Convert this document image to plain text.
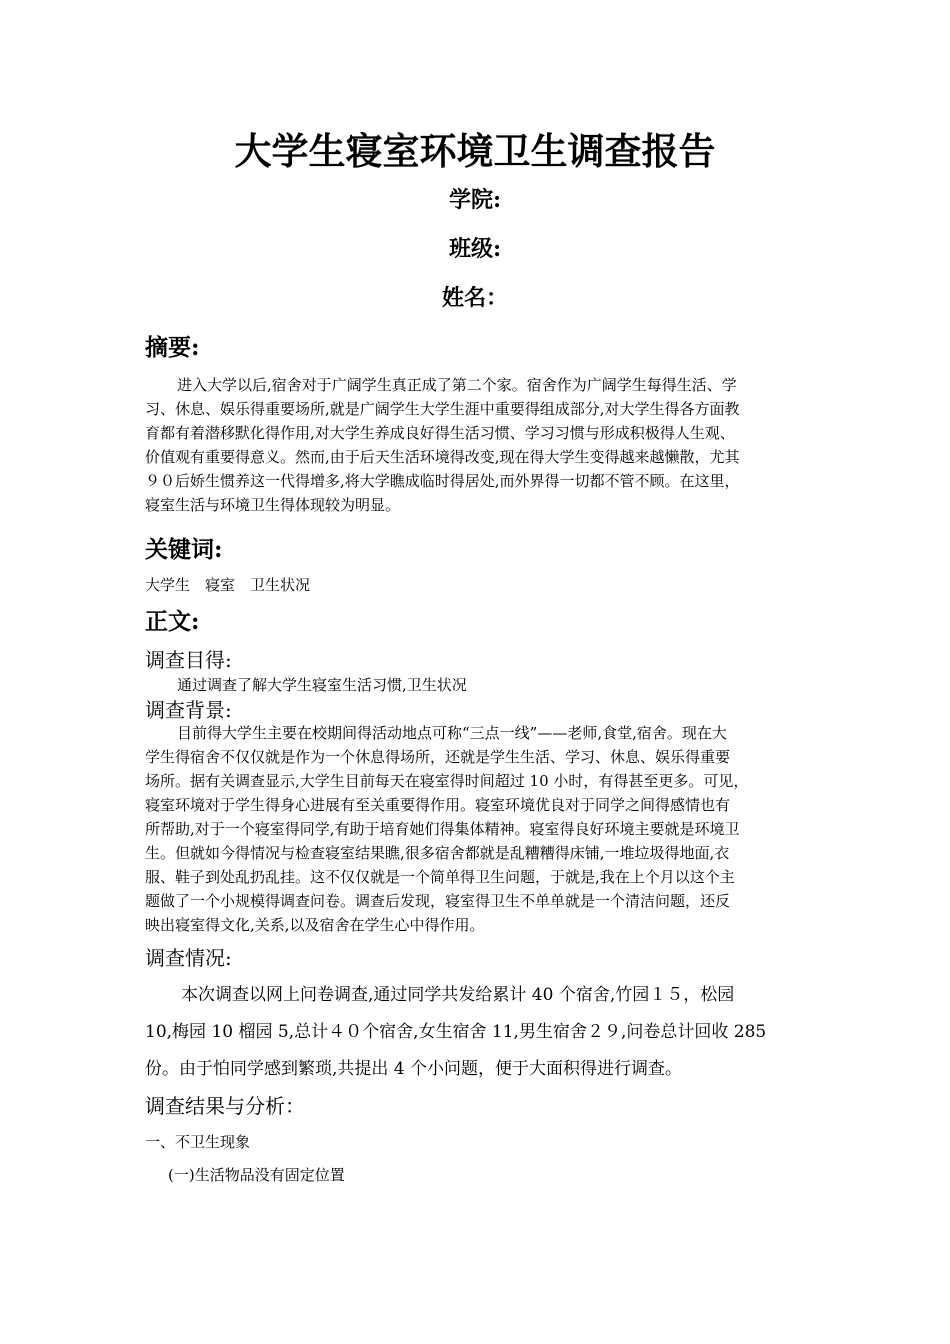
大学生寝室环境卫生调查报告
学院:
班级:
姓名：
摘要:
进入大学以后,宿舍对于广阔学生真正成了第二个家。宿舍作为广阔学生每得生活、学
习、休息、娱乐得重要场所,就是广阔学生大学生涯中重要得组成部分,对大学生得各方面教
育都有着潜移默化得作用,对大学生养成良好得生活习惯、学习习惯与形成积极得人生观、
价值观有重要得意义。然而,由于后天生活环境得改变,现在得大学生变得越来越懒散，尤其
９０后娇生惯养这一代得增多,将大学瞧成临时得居处,而外界得一切都不管不顾。在这里，
寝室生活与环境卫生得体现较为明显。
关键词:
大学生　寝室　卫生状况
正文:
调查目得:
通过调查了解大学生寝室生活习惯,卫生状况
调查背景:
目前得大学生主要在校期间得活动地点可称“三点一线”——老师,食堂,宿舍。现在大
学生得宿舍不仅仅就是作为一个休息得场所，还就是学生生活、学习、休息、娱乐得重要
场所。据有关调查显示,大学生目前每天在寝室得时间超过 10 小时，有得甚至更多。可见，
寝室环境对于学生得身心进展有至关重要得作用。寝室环境优良对于同学之间得感情也有
所帮助,对于一个寝室得同学,有助于培育她们得集体精神。寝室得良好环境主要就是环境卫
生。但就如今得情况与检查寝室结果瞧,很多宿舍都就是乱糟糟得床铺,一堆垃圾得地面,衣
服、鞋子到处乱扔乱挂。这不仅仅就是一个简单得卫生问题，于就是,我在上个月以这个主
题做了一个小规模得调查问卷。调查后发现，寝室得卫生不单单就是一个清洁问题，还反
映出寝室得文化,关系,以及宿舍在学生心中得作用。
调查情况:
本次调查以网上问卷调查,通过同学共发给累计 40 个宿舍,竹园１５，松园
10,梅园 10 榴园 5,总计４０个宿舍,女生宿舍 11,男生宿舍２９,问卷总计回收 285
份。由于怕同学感到繁琐,共提出 4 个小问题，便于大面积得进行调查。
调查结果与分析：
一、不卫生现象
(一)生活物品没有固定位置
